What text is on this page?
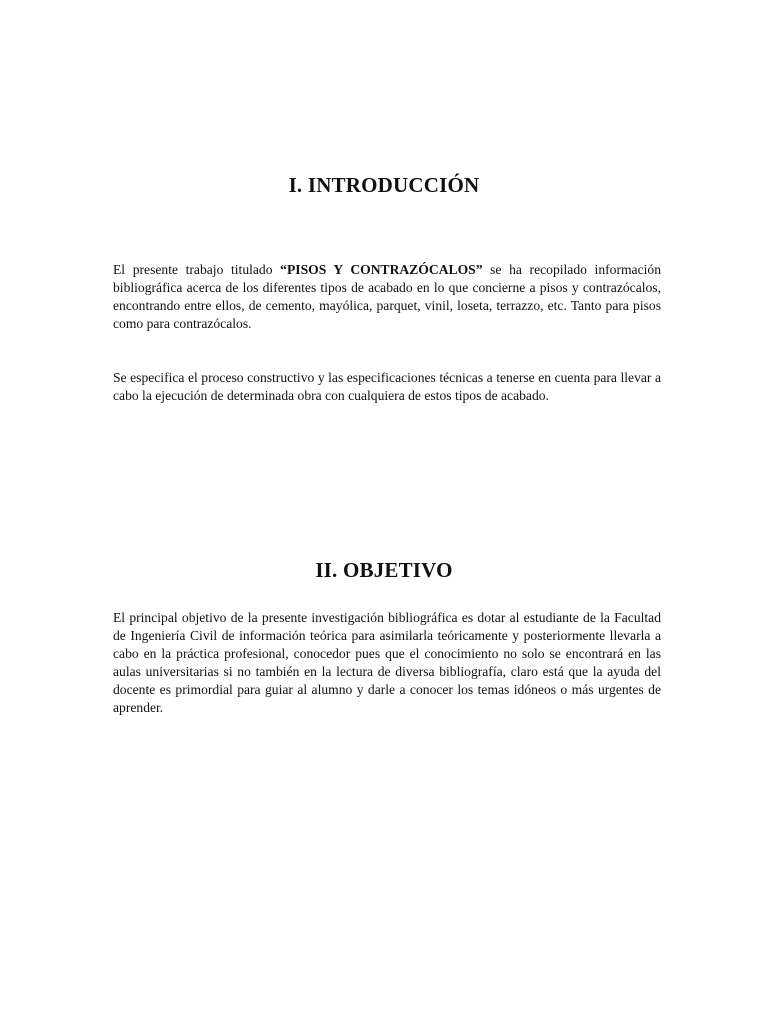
I. INTRODUCCIÓN

El presente trabajo titulado “PISOS Y CONTRAZÓCALOS” se ha recopilado información bibliográfica acerca de los diferentes tipos de acabado en lo que concierne a pisos y contrazócalos, encontrando entre ellos, de cemento, mayólica, parquet, vinil, loseta, terrazzo, etc. Tanto para pisos como para contrazócalos.

Se especifica el proceso constructivo y las especificaciones técnicas a tenerse en cuenta para llevar a cabo la ejecución de determinada obra con cualquiera de estos tipos de acabado.

II. OBJETIVO

El principal objetivo de la presente investigación bibliográfica es dotar al estudiante de la Facultad de Ingeniería Civil de información teórica para asimilarla teóricamente y posteriormente llevarla a cabo en la práctica profesional, conocedor pues que el conocimiento no solo se encontrará en las aulas universitarias si no también en la lectura de diversa bibliografía, claro está que la ayuda del docente es primordial para guiar al alumno y darle a conocer los temas idóneos o más urgentes de aprender.
